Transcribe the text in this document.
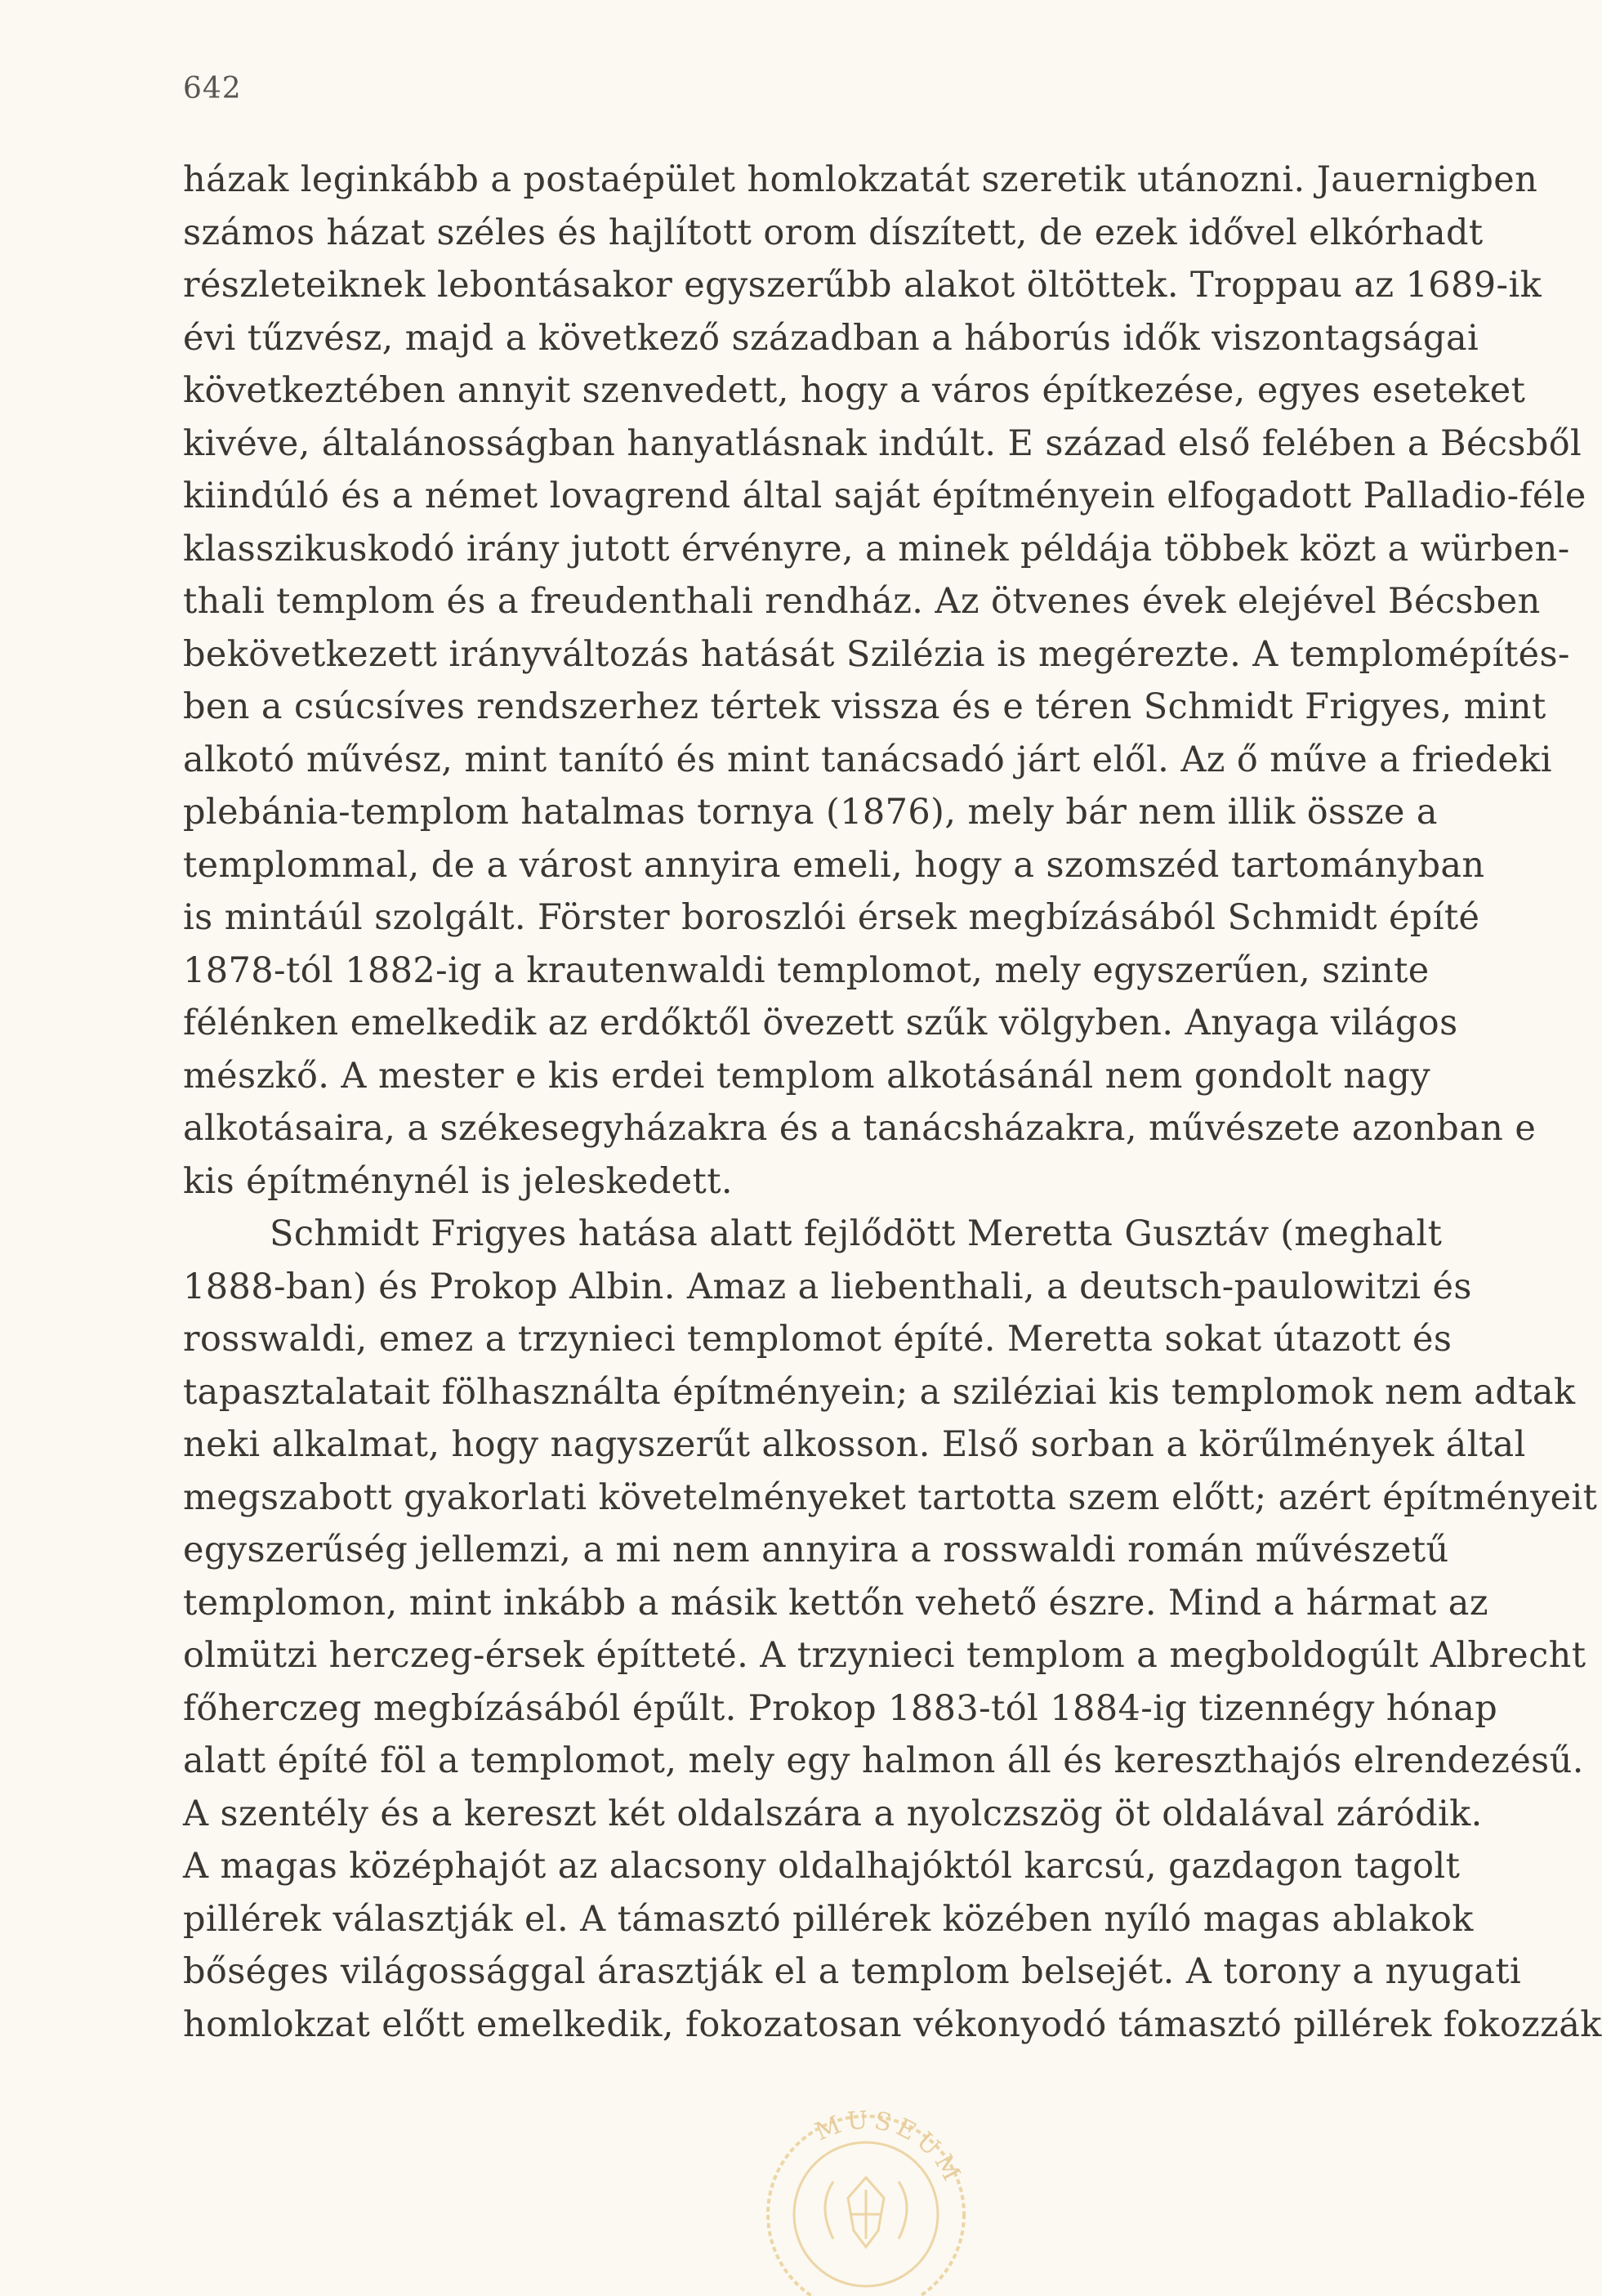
642
házak leginkább a postaépület homlokzatát szeretik utánozni. Jauernigben
számos házat széles és hajlított orom díszített, de ezek idővel elkórhadt
részleteiknek lebontásakor egyszerűbb alakot öltöttek. Troppau az 1689-ik
évi tűzvész, majd a következő században a háborús idők viszontagságai
következtében annyit szenvedett, hogy a város építkezése, egyes eseteket
kivéve, általánosságban hanyatlásnak indúlt. E század első felében a Bécsből
kiindúló és a német lovagrend által saját építményein elfogadott Palladio-féle
klasszikuskodó irány jutott érvényre, a minek példája többek közt a würben-
thali templom és a freudenthali rendház. Az ötvenes évek elejével Bécsben
bekövetkezett irányváltozás hatását Szilézia is megérezte. A templomépítés-
ben a csúcsíves rendszerhez tértek vissza és e téren Schmidt Frigyes, mint
alkotó művész, mint tanító és mint tanácsadó járt elől. Az ő műve a friedeki
plebánia-templom hatalmas tornya (1876), mely bár nem illik össze a
templommal, de a várost annyira emeli, hogy a szomszéd tartományban
is mintáúl szolgált. Förster boroszlói érsek megbízásából Schmidt építé
1878-tól 1882-ig a krautenwaldi templomot, mely egyszerűen, szinte
félénken emelkedik az erdőktől övezett szűk völgyben. Anyaga világos
mészkő. A mester e kis erdei templom alkotásánál nem gondolt nagy
alkotásaira, a székesegyházakra és a tanácsházakra, művészete azonban e
kis építménynél is jeleskedett.
Schmidt Frigyes hatása alatt fejlődött Meretta Gusztáv (meghalt
1888-ban) és Prokop Albin. Amaz a liebenthali, a deutsch-paulowitzi és
rosswaldi, emez a trzynieci templomot építé. Meretta sokat útazott és
tapasztalatait fölhasználta építményein; a sziléziai kis templomok nem adtak
neki alkalmat, hogy nagyszerűt alkosson. Első sorban a körűlmények által
megszabott gyakorlati követelményeket tartotta szem előtt; azért építményeit
egyszerűség jellemzi, a mi nem annyira a rosswaldi román művészetű
templomon, mint inkább a másik kettőn vehető észre. Mind a hármat az
olmützi herczeg-érsek építteté. A trzynieci templom a megboldogúlt Albrecht
főherczeg megbízásából épűlt. Prokop 1883-tól 1884-ig tizennégy hónap
alatt építé föl a templomot, mely egy halmon áll és kereszthajós elrendezésű.
A szentély és a kereszt két oldalszára a nyolczszög öt oldalával záródik.
A magas középhajót az alacsony oldalhajóktól karcsú, gazdagon tagolt
pillérek választják el. A támasztó pillérek közében nyíló magas ablakok
bőséges világossággal árasztják el a templom belsejét. A torony a nyugati
homlokzat előtt emelkedik, fokozatosan vékonyodó támasztó pillérek fokozzák
MUSEUM
